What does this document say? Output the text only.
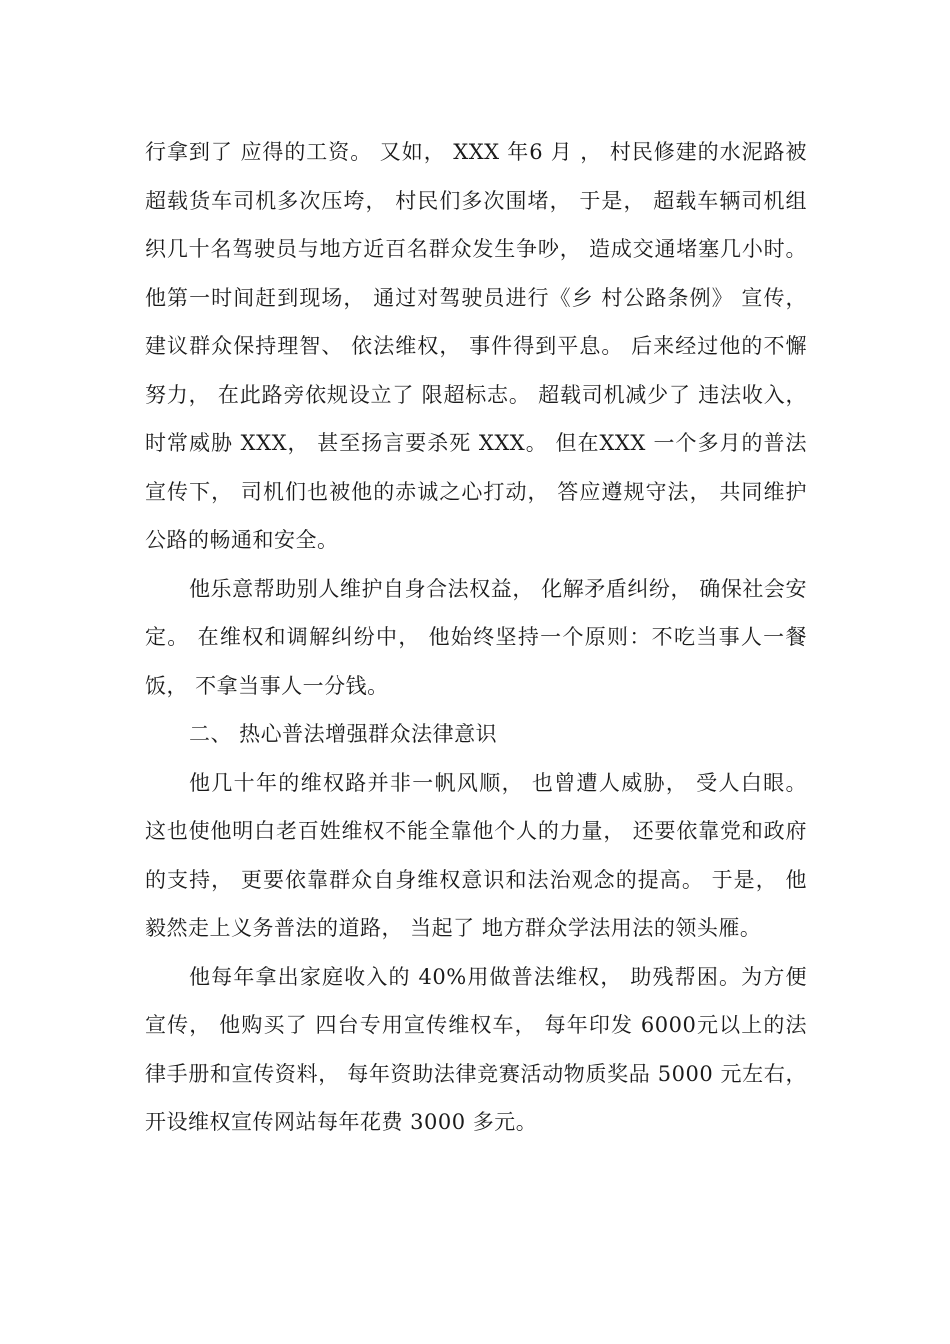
行拿到了 应得的工资。 又如， XXX 年6 月 ， 村民修建的水泥路被超载货车司机多次压垮， 村民们多次围堵， 于是， 超载车辆司机组织几十名驾驶员与地方近百名群众发生争吵， 造成交通堵塞几小时。 他第一时间赶到现场， 通过对驾驶员进行《乡 村公路条例》 宣传， 建议群众保持理智、 依法维权， 事件得到平息。 后来经过他的不懈努力， 在此路旁依规设立了 限超标志。 超载司机减少了 违法收入， 时常威胁 XXX， 甚至扬言要杀死 XXX。 但在XXX 一个多月的普法宣传下， 司机们也被他的赤诚之心打动， 答应遵规守法， 共同维护公路的畅通和安全。

他乐意帮助别人维护自身合法权益， 化解矛盾纠纷， 确保社会安定。 在维权和调解纠纷中， 他始终坚持一个原则：不吃当事人一餐饭， 不拿当事人一分钱。

二、 热心普法增强群众法律意识

他几十年的维权路并非一帆风顺， 也曾遭人威胁， 受人白眼。 这也使他明白老百姓维权不能全靠他个人的力量， 还要依靠党和政府的支持， 更要依靠群众自身维权意识和法治观念的提高。 于是， 他毅然走上义务普法的道路， 当起了 地方群众学法用法的领头雁。

他每年拿出家庭收入的 40%用做普法维权， 助残帮困。为方便宣传， 他购买了 四台专用宣传维权车， 每年印发 6000元以上的法律手册和宣传资料， 每年资助法律竞赛活动物质奖品 5000 元左右， 开设维权宣传网站每年花费 3000 多元。
